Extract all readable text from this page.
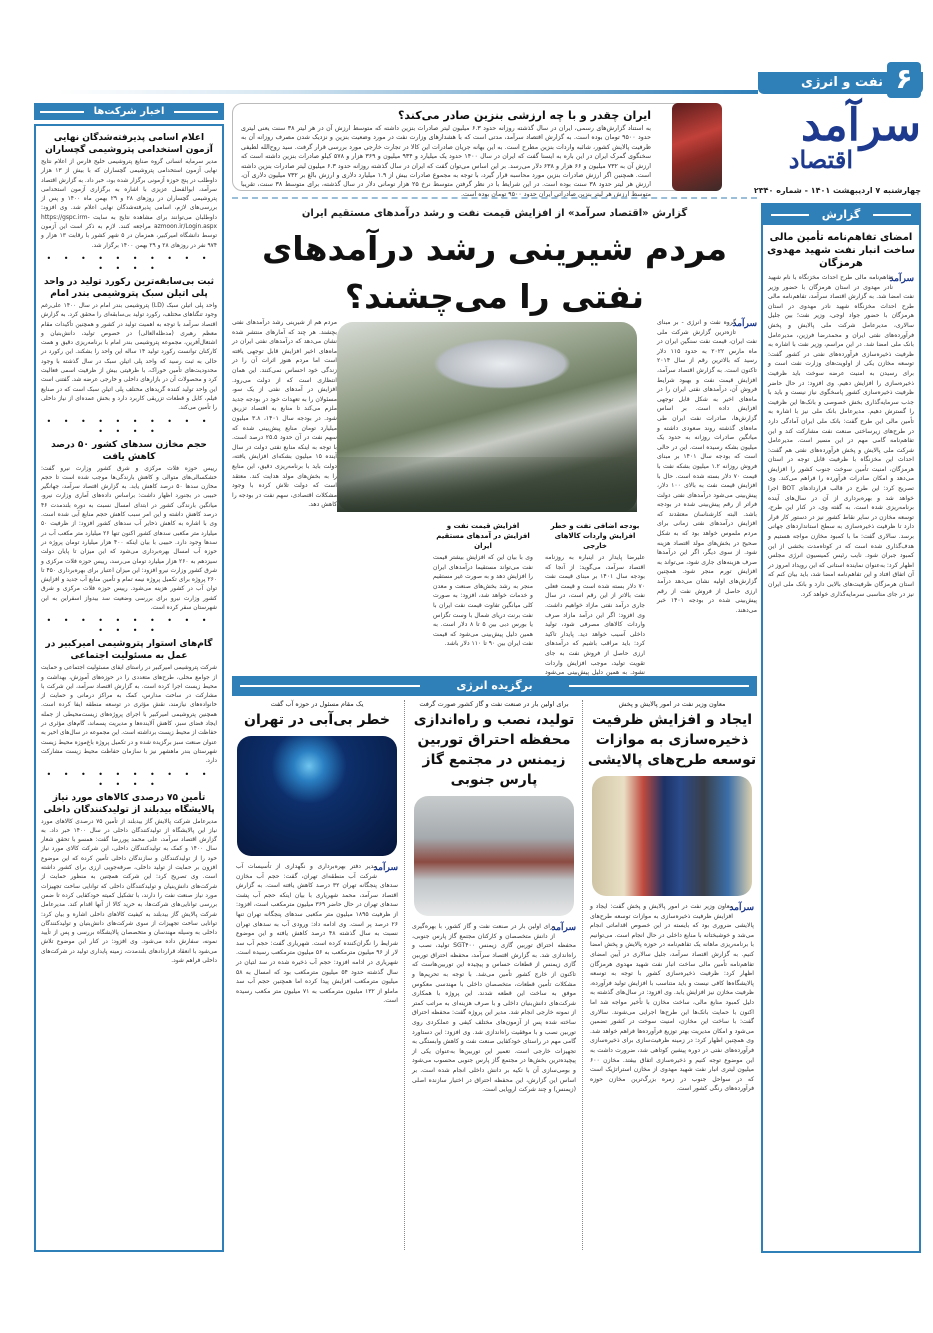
۶
نفت و انرژی
سرآمد
اقتصاد
چهارشنبه ۷ اردیبهشت ۱۴۰۱ - شماره ۲۳۴۰
ایران چقدر و با چه ارزشی بنزین صادر می‌کند؟

به استناد گزارش‌های رسمی، ایران در سال گذشته روزانه حدود ۶.۳ میلیون لیتر صادرات بنزین داشته که متوسط ارزش آن در هر لیتر ۳۸ سنت یعنی لیتری حدود ۹۵۰۰ تومان بوده است. به گزارش اقتصاد سرآمد، مدتی است که با هشدارهای وزارت نفت در مورد وضعیت بنزین و نزدیک شدن مصرف روزانه آن به ظرفیت پالایش کشور، شائبه واردات بنزین مطرح است. به این بهانه جریان صادرات این کالا در تجارت خارجی مورد بررسی قرار گرفت. سید روح‌الله لطیفی سخنگوی گمرک ایران در این باره به ایسنا گفت که ایران در سال ۱۴۰۰ حدود یک میلیارد و ۹۳۴ میلیون و ۳۶۹ هزار و ۵۷۸ کیلو صادرات بنزین داشته است که ارزش آن به ۷۳۲ میلیون و ۶۶ هزار و ۶۳۸ دلار می‌رسد. بر این اساس می‌توان گفت که ایران در سال گذشته روزانه حدود ۶.۳ میلیون لیتر صادرات بنزین داشته است. همچنین اگر ارزش صادرات بنزین مورد محاسبه قرار گیرد، با توجه به مجموع صادرات بیش از ۱.۹ میلیارد دلاری و ارزش بالغ بر ۷۳۲ میلیون دلاری آن، ارزش هر لیتر حدود ۳۸ سنت بوده است. در این شرایط با در نظر گرفتن متوسط نرخ ۲۵ هزار تومانی دلار در سال گذشته، برای متوسط ۳۸ سنت، تقریبا متوسط ارزش هر لیتر بنزین صادراتی ایران حدود ۹۵۰۰ تومان بوده است.

گزارش
امضای تفاهم‌نامه تأمین مالی ساخت انبار نفت شهید مهدوی هرمزگان
سرآمد
تفاهم‌نامه مالی طرح احداث مخزنگاه با نام شهید نادر مهدوی در استان هرمزگان با حضور وزیر نفت امضا شد. به گزارش اقتصاد سرآمد، تفاهم‌نامه مالی طرح احداث مخزنگاه شهید نادر مهدوی در استان هرمزگان با حضور جواد اوجی، وزیر نفت؛ بین جلیل سالاری، مدیرعامل شرکت ملی پالایش و پخش فرآورده‌های نفتی ایران و محمدرضا فرزین، مدیرعامل بانک ملی امضا شد. در این مراسم، وزیر نفت با اشاره به ظرفیت ذخیره‌سازی فرآورده‌های نفتی در کشور گفت: توسعه مخازن یکی از اولویت‌های وزارت نفت است و برای رسیدن به امنیت عرضه سوخت باید ظرفیت ذخیره‌سازی را افزایش دهیم. وی افزود: در حال حاضر ظرفیت ذخیره‌سازی کشور پاسخگوی نیاز نیست و باید با جذب سرمایه‌گذاری بخش خصوصی و بانک‌ها این ظرفیت را گسترش دهیم. مدیرعامل بانک ملی نیز با اشاره به تأمین مالی این طرح گفت: بانک ملی ایران آمادگی دارد در طرح‌های زیرساختی صنعت نفت مشارکت کند و این تفاهم‌نامه گامی مهم در این مسیر است. مدیرعامل شرکت ملی پالایش و پخش فرآورده‌های نفتی هم گفت: احداث این مخزنگاه با ظرفیت قابل توجه در استان هرمزگان، امنیت تأمین سوخت جنوب کشور را افزایش می‌دهد و امکان صادرات فرآورده را فراهم می‌کند. وی تصریح کرد: این طرح در قالب قراردادهای BOT اجرا خواهد شد و بهره‌برداری از آن در سال‌های آینده برنامه‌ریزی شده است. به گفته وی، در کنار این طرح، توسعه مخازن در سایر نقاط کشور نیز در دستور کار قرار دارد تا ظرفیت ذخیره‌سازی به سطح استانداردهای جهانی برسد. سالاری گفت: ما با کمبود مخازن مواجه هستیم و هدف‌گذاری شده است که در کوتاه‌مدت بخشی از این کمبود جبران شود. نایب رئیس کمیسیون انرژی مجلس اظهار کرد: به‌عنوان نماینده استانی که این رویداد امروز در آن اتفاق افتاد و این تفاهم‌نامه امضا شد، باید بیان کنم که استان هرمزگان ظرفیت‌های بالایی دارد و بانک ملی ایران نیز در جای مناسبی سرمایه‌گذاری خواهد کرد.
اخبار شرکت‌ها
اعلام اسامی پذیرفته‌شدگان نهایی آزمون استخدامی پتروشیمی گچساران
مدیر سرمایه انسانی گروه صنایع پتروشیمی خلیج فارس از اعلام نتایج نهایی آزمون استخدامی پتروشیمی گچساران که با بیش از ۱۳ هزار داوطلب در پنج حوزه آزمونی برگزار شده بود، خبر داد. به گزارش اقتصاد سرآمد، ابوالفضل عزیزی با اشاره به برگزاری آزمون استخدامی پتروشیمی گچساران در روزهای ۲۸ و ۲۹ بهمن ماه ۱۴۰۰ و پس از بررسی‌های لازم، اسامی پذیرفته‌شدگان نهایی اعلام شد. وی افزود: داوطلبان می‌توانند برای مشاهده نتایج به سایت https://gspc.irm-azmoon.ir/Login.aspx مراجعه کنند. لازم به ذکر است این آزمون توسط دانشگاه امیرکبیر، همزمان در ۵ شهر کشور با رقابت ۱۳ هزار و ۹۷۴ نفر در روزهای ۲۸ و ۲۹ بهمن ۱۴۰۰ برگزار شد.
• • • • • • • • • • • • • •
ثبت بی‌سابقه‌ترین رکورد تولید در واحد پلی اتیلن سبک پتروشیمی بندر امام
واحد پلی اتیلن سبک (LD) پتروشیمی بندر امام در سال ۱۴۰۰ علی‌رغم وجود تنگناهای مختلف، رکورد تولید بی‌سابقه‌ای را محقق کرد. به گزارش اقتصاد سرآمد با توجه به اهمیت تولید در کشور و همچنین تأکیدات مقام معظم رهبری (مدظله‌العالی) در خصوص تولید، دانش‌بنیان و اشتغال‌آفرین، مجموعه پتروشیمی بندر امام با برنامه‌ریزی دقیق و همت کارکنان توانست رکورد تولید ۱۴ ساله این واحد را بشکند. این رکورد در حالی به ثبت رسید که واحد پلی اتیلن سبک در سال گذشته با وجود محدودیت‌های تأمین خوراک، با ظرفیتی بیش از ظرفیت اسمی فعالیت کرد و محصولات آن در بازارهای داخلی و خارجی عرضه شد. گفتنی است این واحد تولید کننده گریدهای مختلف پلی اتیلن سبک است که در صنایع فیلم، کابل و قطعات تزریقی کاربرد دارد و بخش عمده‌ای از نیاز داخلی را تأمین می‌کند.
• • • • • • • • • • • • • •
حجم مخازن سدهای کشور ۵۰ درصد کاهش یافت
رییس حوزه فلات مرکزی و شرق کشور وزارت نیرو گفت: خشکسالی‌های متوالی و کاهش بارندگی‌ها موجب شده است تا حجم مخازن سدها ۵۰ درصد کاهش یابد. به گزارش اقتصاد سرآمد، جهانگیر حبیبی در بجنورد اظهار داشت: براساس داده‌های آماری وزارت نیرو، میانگین بارندگی کشور در ابتدای امسال نسبت به دوره بلندمدت ۴۶ درصد کاهش داشته و این امر سبب کاهش حجم منابع آبی شده است. وی با اشاره به کاهش ذخایر آب سدهای کشور افزود: از ظرفیت ۵۰ میلیارد متر مکعبی سدهای کشور اکنون تنها ۲۶ میلیارد متر مکعب آب در سدها وجود دارد. حبیبی با بیان اینکه ۴۰۰ هزار میلیارد تومان پروژه در حوزه آب امسال بهره‌برداری می‌شود که این میزان تا پایان دولت سیزدهم به ۲۶۰ هزار میلیارد تومان می‌رسد، رییس حوزه فلات مرکزی و شرق کشور وزارت نیرو افزود: این میزان اعتبار برای بهره‌برداری ۴۵۰ تا ۲۶۰ پروژه برای تکمیل پروژه نیمه تمام و تأمین منابع آب جدید و افزایش توان آب در کشور هزینه می‌شود. رییس حوزه فلات مرکزی و شرق کشور وزارت نیرو برای بررسی وضعیت سد بیدواز اسفراین به این شهرستان سفر کرده است.
• • • • • • • • • • • • • •
گام‌های استوار پتروشیمی امیرکبیر در عمل به مسئولیت اجتماعی
شرکت پتروشیمی امیرکبیر در راستای ایفای مسئولیت اجتماعی و حمایت از جوامع محلی، طرح‌های متعددی را در حوزه‌های آموزش، بهداشت و محیط زیست اجرا کرده است. به گزارش اقتصاد سرآمد، این شرکت با مشارکت در ساخت مدارس، کمک به مراکز درمانی و حمایت از خانواده‌های نیازمند، نقش مؤثری در توسعه منطقه ایفا کرده است. همچنین پتروشیمی امیرکبیر با اجرای پروژه‌های زیست‌محیطی از جمله ایجاد فضای سبز، کاهش آلاینده‌ها و مدیریت پسماند، گام‌های مؤثری در حفاظت از محیط زیست برداشته است. این مجموعه در سال‌های اخیر به عنوان صنعت سبز برگزیده شده و در تکمیل پروژه باغ‌موزه محیط زیست شهرستان بندر ماهشهر نیز با سازمان حفاظت محیط زیست مشارکت دارد.
• • • • • • • • • • • • • •
تأمین ۷۵ درصدی کالاهای مورد نیاز پالایشگاه بیدبلند از تولیدکنندگان داخلی
مدیرعامل شرکت پالایش گاز بیدبلند از تأمین ۷۵ درصدی کالاهای مورد نیاز این پالایشگاه از تولیدکنندگان داخلی در سال ۱۴۰۰ خبر داد. به گزارش اقتصاد سرآمد، علی محمد پوررضا گفت: همسو با تحقق شعار سال ۱۴۰۰ و کمک به تولیدکنندگان داخلی، این شرکت کالای مورد نیاز خود را از تولیدکنندگان و سازندگان داخلی تأمین کرده که این موضوع افزون بر حمایت از تولید داخلی، صرفه‌جویی ارزی برای کشور داشته است. وی تصریح کرد: این شرکت همچنین به منظور حمایت از شرکت‌های دانش‌بنیان و تولیدکنندگان داخلی که توانایی ساخت تجهیزات مورد نیاز صنعت نفت را دارند، با تشکیل کمیته خودکفایی کرده تا ضمن بررسی توانایی‌های شرکت‌ها، به خرید کالا از آنها اقدام کند. مدیرعامل شرکت پالایش گاز بیدبلند به کیفیت کالاهای داخلی اشاره و بیان کرد: توانایی ساخت تجهیزات از سوی شرکت‌های دانش‌بنیان و تولیدکنندگان داخلی به وسیله مهندسان و متخصصان پالایشگاه بررسی و پس از تأیید نمونه، سفارش داده می‌شود. وی افزود: در کنار این موضوع تلاش می‌شود با انعقاد قراردادهای بلندمدت، زمینه پایداری تولید در شرکت‌های داخلی فراهم شود.
گزارش «اقتصاد سرآمد» از افزایش قیمت نفت و رشد درآمدهای مستقیم ایران
مردم شیرینی رشد درآمدهای نفتی را می‌چشند؟
سرآمد
گروه نفت و انرژی - بر مبنای تازه‌ترین گزارش شرکت ملی نفت ایران، قیمت نفت سنگین ایران در ماه مارس ۲۰۲۲ به حدود ۱۱۵ دلار رسید که بالاترین رقم از سال ۲۰۱۴ تاکنون است. به گزارش اقتصاد سرآمد، افزایش قیمت نفت و بهبود شرایط فروش آن، درآمدهای نفتی ایران را در ماه‌های اخیر به شکل قابل توجهی افزایش داده است. بر اساس گزارش‌ها، صادرات نفت ایران طی ماه‌های گذشته روند صعودی داشته و میانگین صادرات روزانه به حدود یک میلیون بشکه رسیده است. این در حالی است که بودجه سال ۱۴۰۱ بر مبنای فروش روزانه ۱.۲ میلیون بشکه نفت با قیمت ۷۰ دلار بسته شده است. حال با افزایش قیمت نفت به بالای ۱۰۰ دلار، پیش‌بینی می‌شود درآمدهای نفتی دولت فراتر از رقم پیش‌بینی شده در بودجه باشد. البته کارشناسان معتقدند که افزایش درآمدهای نفتی زمانی برای مردم ملموس خواهد بود که به شکل صحیح در بخش‌های مولد اقتصاد هزینه شود. از سوی دیگر، اگر این درآمدها صرف هزینه‌های جاری شود، می‌تواند به افزایش تورم منجر شود. همچنین گزارش‌های اولیه نشان می‌دهد درآمد ارزی حاصل از فروش نفت از رقم پیش‌بینی شده در بودجه ۱۴۰۱ خبر می‌دهند.
بودجه اضافی نفت و خطر افزایش واردات کالاهای خارجی
علیرضا پایدار در اینباره به روزنامه اقتصاد سرآمد، می‌گوید: از آنجا که بودجه سال ۱۴۰۱ بر مبنای قیمت نفت ۷۰ دلار بسته شده است و قیمت فعلی نفت بالاتر از این رقم است، در سال جاری درآمد نفتی مازاد خواهیم داشت. وی افزود: اگر این درآمد مازاد صرف واردات کالاهای مصرفی شود، تولید داخلی آسیب خواهد دید. پایدار تاکید کرد: باید مراقب باشیم که درآمدهای ارزی حاصل از فروش نفت به جای تقویت تولید، موجب افزایش واردات نشود. به همین دلیل پیش‌بینی می‌شود
افزایش قیمت نفت و افزایش در آمدهای مستقیم ایران
وی با بیان این که افزایش بیشتر قیمت نفت می‌تواند مستقیما درآمدهای ایران را افزایش دهد و به صورت غیر مستقیم منجر به رشد بخش‌های صنعت و معدن و خدمات خواهد شد، افزود: به صورت کلی میانگین تفاوت قیمت نفت ایران با نفت برنت دریای شمال با وست تگزاس یا بورس دبی بین ۵ تا ۸ دلار است. به همین دلیل پیش‌بینی می‌شود که قیمت نفت ایران بین ۹۰ تا ۱۱۰ دلار باشد.
مردم هم از شیرینی رشد درآمدهای نفتی بچشند. هر چند که آمارهای منتشر شده نشان می‌دهد که درآمدهای نفتی ایران در ماه‌های اخیر افزایش قابل توجهی یافته است اما مردم هنوز اثرات آن را در زندگی خود احساس نمی‌کنند. این همان انتظاری است که از دولت می‌رود. افزایش در آمدهای نفتی از یک سو، مسئولان را به تعهدات خود در بودجه جدید ملزم می‌کند تا منابع به اقتصاد تزریق شود. در بودجه سال ۱۴۰۱، ۳.۸ میلیون میلیارد تومان منابع پیش‌بینی شده که سهم نفت در آن حدود ۲۵.۵ درصد است. با توجه به اینکه منابع نفتی دولت در سال آینده ۱۵ میلیون بشکه‌ای افزایش یافته، دولت باید با برنامه‌ریزی دقیق، این منابع را به بخش‌های مولد هدایت کند. معتقد است که دولت تلاش کرده با وجود مشکلات اقتصادی، سهم نفت در بودجه را کاهش دهد.
برگزیده انرژی
معاون وزیر نفت در امور پالایش و پخش
ایجاد و افزایش ظرفیت ذخیره‌سازی به موازات توسعه طرح‌های پالایشی
سرآمد
معاون وزیر نفت در امور پالایش و پخش گفت: ایجاد و افزایش ظرفیت ذخیره‌سازی به موازات توسعه طرح‌های پالایشی ضروری بود که بایسته در این خصوص اقداماتی انجام می‌شد و خوشبختانه با منابع داخلی در حال انجام است. می‌توانیم با برنامه‌ریزی ماهانه یک تفاهم‌نامه در حوزه پالایش و پخش امضا کنیم. به گزارش اقتصاد سرآمد، جلیل سالاری در آیین امضای تفاهم‌نامه تأمین مالی ساخت انبار نفت شهید مهدوی هرمزگان اظهار کرد: ظرفیت ذخیره‌سازی کشور با توجه به توسعه پالایشگاه‌ها کافی نیست و باید متناسب با افزایش تولید فرآورده، ظرفیت مخازن نیز افزایش یابد. وی افزود: در سال‌های گذشته به دلیل کمبود منابع مالی، ساخت مخازن با تأخیر مواجه شد اما اکنون با حمایت بانک‌ها این طرح‌ها اجرایی می‌شوند. سالاری گفت: با ساخت این مخازن، امنیت سوخت در کشور تضمین می‌شود و امکان مدیریت بهتر توزیع فرآورده‌ها فراهم خواهد شد. وی همچنین اظهار کرد: در زمینه ظرفیت‌سازی برای ذخیره‌سازی فرآورده‌های نفتی در دوره پیشین کوتاهی شد، ضرورت داشت به این موضوع توجه کنیم و ذخیره‌سازی اتفاق بیفتد. مخازن ۶۰۰ میلیون لیتری انبار نفت شهید مهدوی از مخازن استراتژیک است که در سواحل جنوب در زمره بزرگ‌ترین مخازن حوزه فرآورده‌های رنگی کشور است.
برای اولین بار در صنعت نفت و گاز کشور صورت گرفت
تولید، نصب و راه‌اندازی محفظه احتراق توربین زیمنس در مجتمع گاز پارس جنوبی
سرآمد
برای اولین بار در صنعت نفت و گاز کشور، با بهره‌گیری از دانش متخصصان و کارکنان مجتمع گاز پارس جنوبی، محفظه احتراق توربین گازی زیمنس SGT۴۰۰ تولید، نصب و راه‌اندازی شد. به گزارش اقتصاد سرآمد، محفظه احتراق توربین گازی زیمنس از قطعات حساس و پیچیده این توربین‌هاست که تاکنون از خارج کشور تأمین می‌شد. با توجه به تحریم‌ها و مشکلات تأمین قطعات، متخصصان داخلی با مهندسی معکوس موفق به ساخت این قطعه شدند. این پروژه با همکاری شرکت‌های دانش‌بنیان داخلی و با صرف هزینه‌ای به مراتب کمتر از نمونه خارجی انجام شد. مدیر این پروژه گفت: محفظه احتراق ساخته شده پس از آزمون‌های مختلف کیفی و عملکردی روی توربین نصب و با موفقیت راه‌اندازی شد. وی افزود: این دستاورد گامی مهم در راستای خودکفایی صنعت نفت و کاهش وابستگی به تجهیزات خارجی است. تعمیر این توربین‌ها به‌عنوان یکی از پیچیده‌ترین بخش‌ها در مجتمع گاز پارس جنوبی محسوب می‌شود و بومی‌سازی آن با تکیه بر دانش داخلی انجام شده است. بر اساس این گزارش، این محفظه احتراق در اختیار سازنده اصلی (زیمنس) و چند شرکت اروپایی است.
یک مقام مسئول در حوزه آب گفت
خطر بی‌آبی در تهران
سرآمد
مدیر دفتر بهره‌برداری و نگهداری از تأسیسات آب شرکت آب منطقه‌ای تهران، گفت: حجم آب مخازن سدهای پنجگانه تهران ۳۲ درصد کاهش یافته است. به گزارش اقتصاد سرآمد، محمد شهریاری با بیان اینکه حجم آب پشت سدهای تهران در حال حاضر ۳۶۹ میلیون مترمکعب است، افزود: از ظرفیت ۱۸۹۵ میلیون متر مکعبی سدهای پنجگانه تهران تنها ۲۶ درصد پر است. وی ادامه داد: ورودی آب به سدهای تهران نسبت به سال گذشته ۴۸ درصد کاهش یافته و این موضوع شرایط را نگران‌کننده کرده است. شهریاری گفت: حجم آب سد لار از ۹۶ میلیون مترمکعب به ۵۶ میلیون مترمکعب رسیده است. شهریاری در ادامه افزود: حجم آب ذخیره شده در سد لتیان در سال گذشته حدود ۵۴ میلیون مترمکعب بود که امسال به ۵۸ میلیون مترمکعب افزایش پیدا کرده اما همچنین حجم آب سد ماملو از ۱۳۲ میلیون مترمکعب به ۷۱ میلیون متر مکعب رسیده است.
